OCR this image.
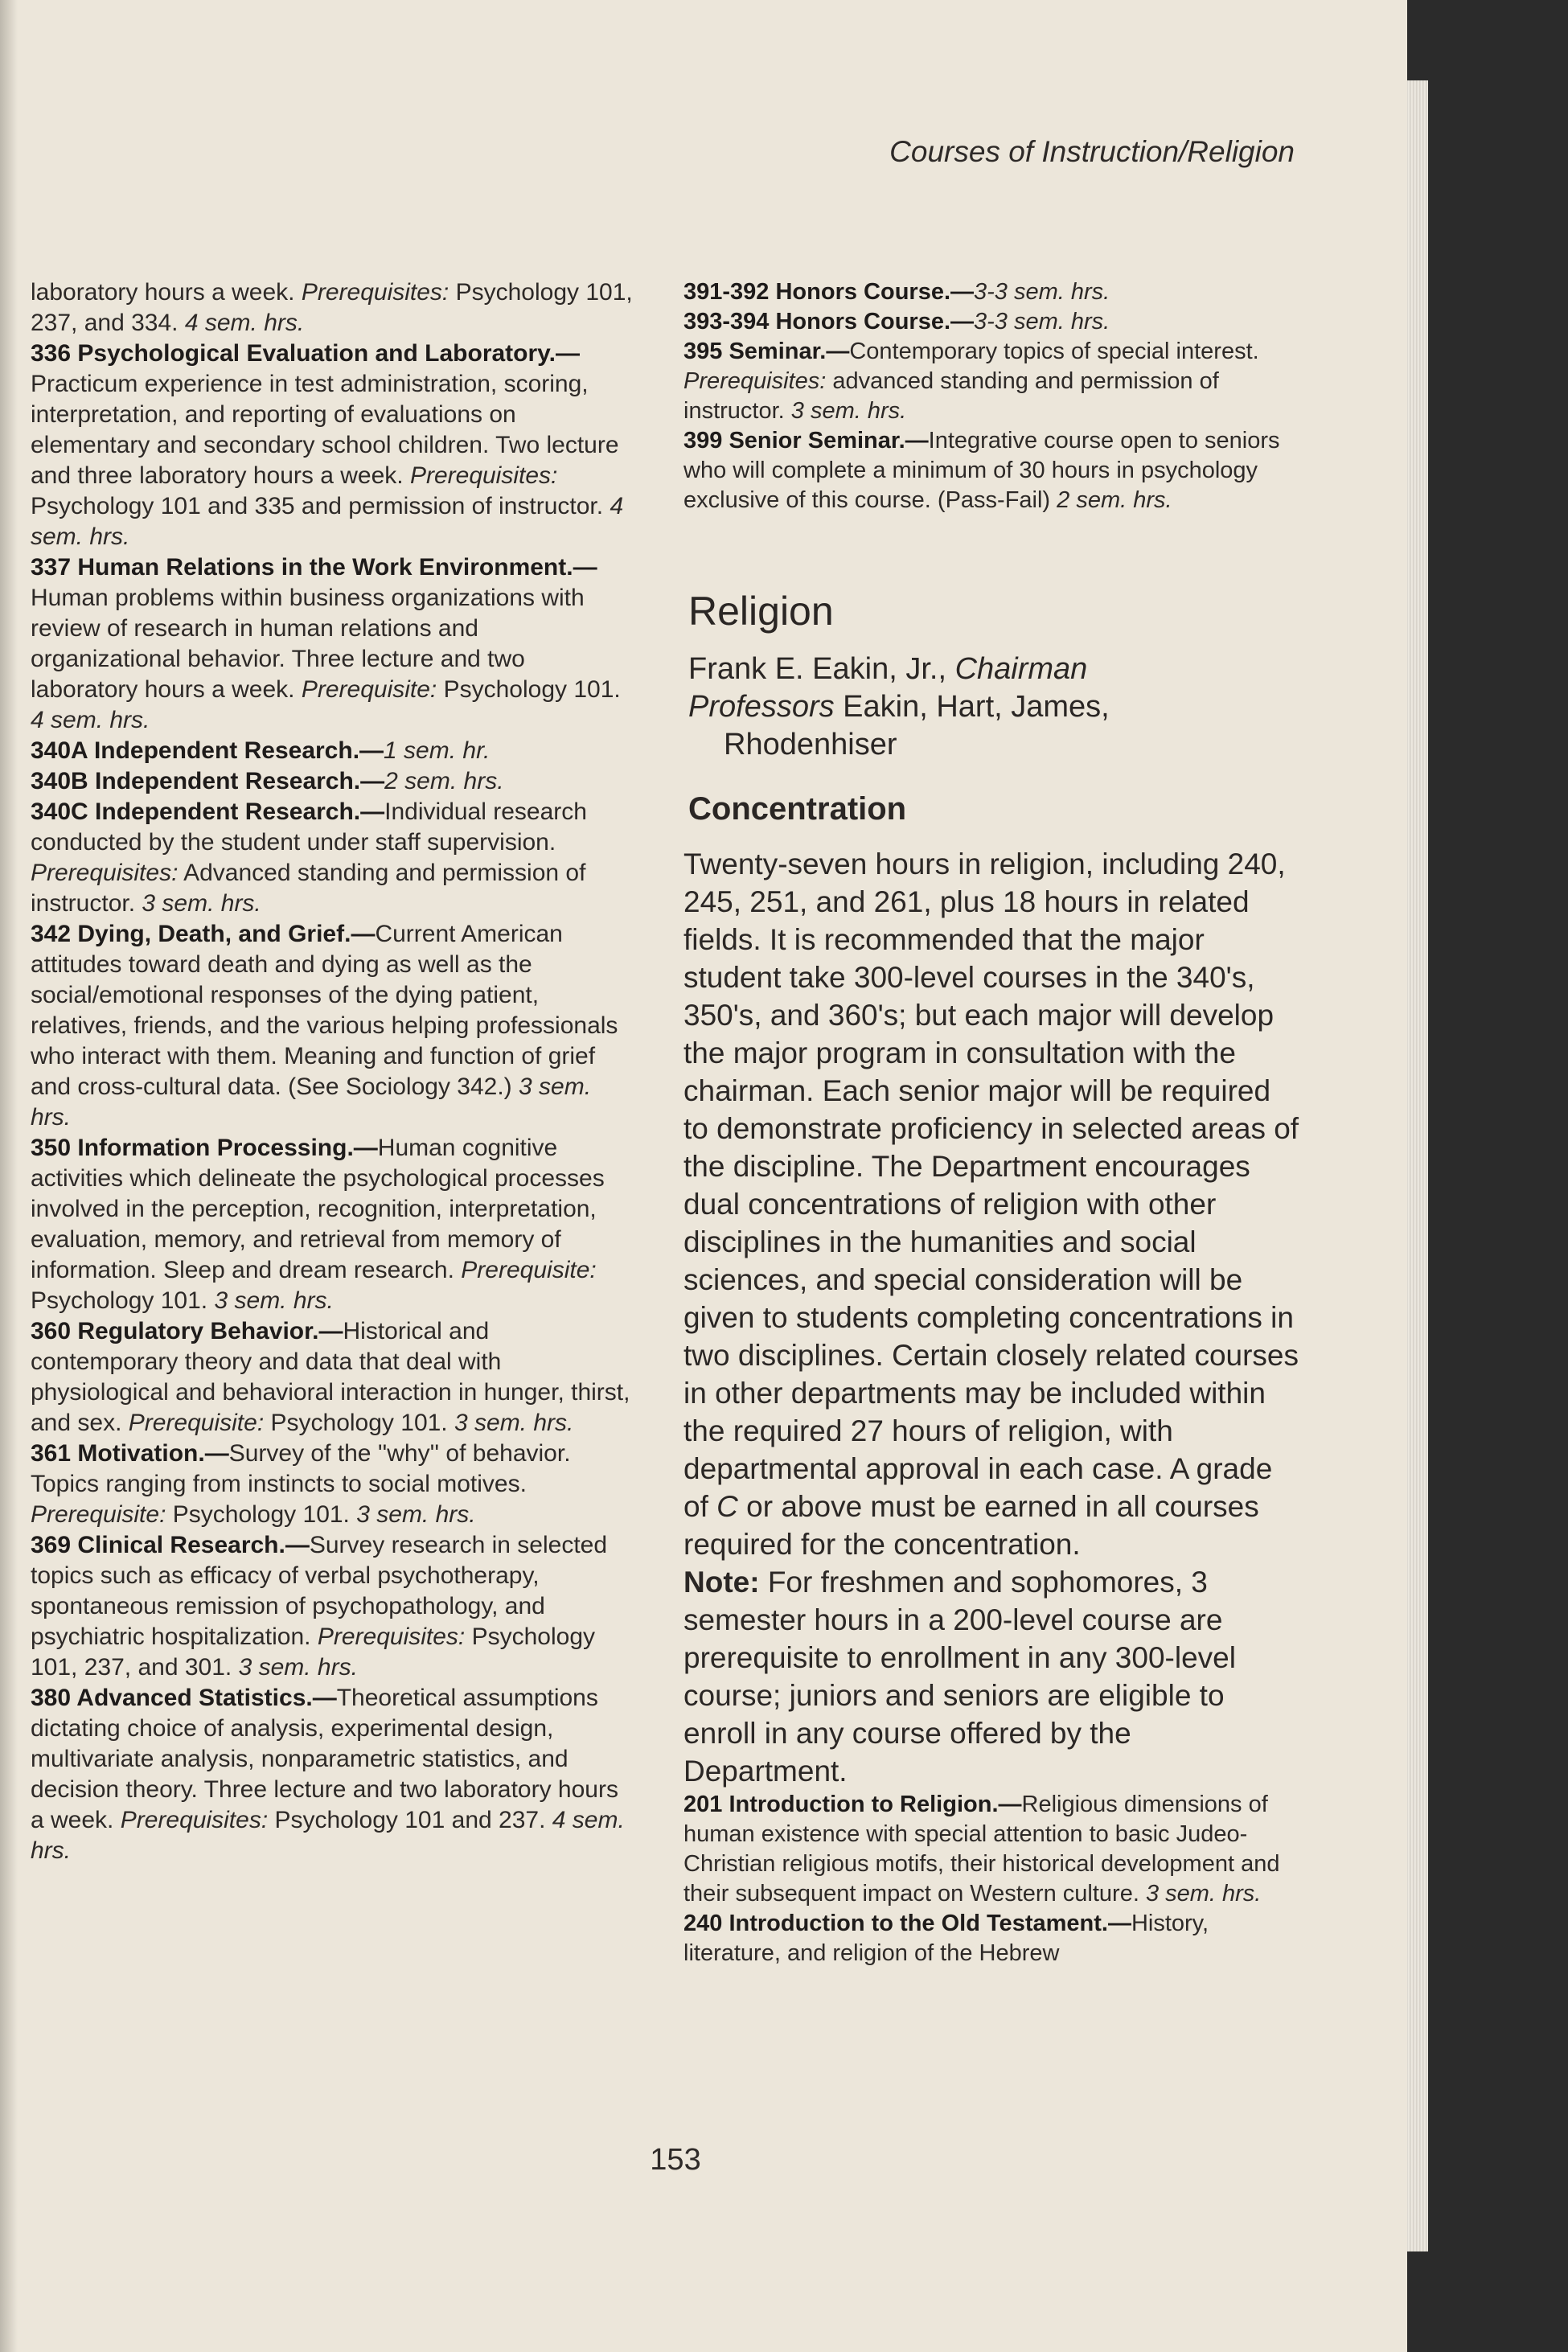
Courses of Instruction/Religion

laboratory hours a week. Prerequisites: Psychology 101, 237, and 334. 4 sem. hrs.

336 Psychological Evaluation and Laboratory.—Practicum experience in test administration, scoring, interpretation, and reporting of evaluations on elementary and secondary school children. Two lecture and three laboratory hours a week. Prerequisites: Psychology 101 and 335 and permission of instructor. 4 sem. hrs.

337 Human Relations in the Work Environment.—Human problems within business organizations with review of research in human relations and organizational behavior. Three lecture and two laboratory hours a week. Prerequisite: Psychology 101. 4 sem. hrs.

340A Independent Research.—1 sem. hr.

340B Independent Research.—2 sem. hrs.

340C Independent Research.—Individual research conducted by the student under staff supervision. Prerequisites: Advanced standing and permission of instructor. 3 sem. hrs.

342 Dying, Death, and Grief.—Current American attitudes toward death and dying as well as the social/emotional responses of the dying patient, relatives, friends, and the various helping professionals who interact with them. Meaning and function of grief and cross-cultural data. (See Sociology 342.) 3 sem. hrs.

350 Information Processing.—Human cognitive activities which delineate the psychological processes involved in the perception, recognition, interpretation, evaluation, memory, and retrieval from memory of information. Sleep and dream research. Prerequisite: Psychology 101. 3 sem. hrs.

360 Regulatory Behavior.—Historical and contemporary theory and data that deal with physiological and behavioral interaction in hunger, thirst, and sex. Prerequisite: Psychology 101. 3 sem. hrs.

361 Motivation.—Survey of the ''why'' of behavior. Topics ranging from instincts to social motives. Prerequisite: Psychology 101. 3 sem. hrs.

369 Clinical Research.—Survey research in selected topics such as efficacy of verbal psychotherapy, spontaneous remission of psychopathology, and psychiatric hospitalization. Prerequisites: Psychology 101, 237, and 301. 3 sem. hrs.

380 Advanced Statistics.—Theoretical assumptions dictating choice of analysis, experimental design, multivariate analysis, nonparametric statistics, and decision theory. Three lecture and two laboratory hours a week. Prerequisites: Psychology 101 and 237. 4 sem. hrs.

391-392 Honors Course.—3-3 sem. hrs.

393-394 Honors Course.—3-3 sem. hrs.

395 Seminar.—Contemporary topics of special interest. Prerequisites: advanced standing and permission of instructor. 3 sem. hrs.

399 Senior Seminar.—Integrative course open to seniors who will complete a minimum of 30 hours in psychology exclusive of this course. (Pass-Fail) 2 sem. hrs.

Religion
Frank E. Eakin, Jr., Chairman
Professors Eakin, Hart, James,
Rhodenhiser
Concentration

Twenty-seven hours in religion, including 240, 245, 251, and 261, plus 18 hours in related fields. It is recommended that the major student take 300-level courses in the 340's, 350's, and 360's; but each major will develop the major program in consultation with the chairman. Each senior major will be required to demonstrate proficiency in selected areas of the discipline. The Department encourages dual concentrations of religion with other disciplines in the humanities and social sciences, and special consideration will be given to students completing concentrations in two disciplines. Certain closely related courses in other departments may be included within the required 27 hours of religion, with departmental approval in each case. A grade of C or above must be earned in all courses required for the concentration.
Note: For freshmen and sophomores, 3 semester hours in a 200-level course are prerequisite to enrollment in any 300-level course; juniors and seniors are eligible to enroll in any course offered by the Department.

201 Introduction to Religion.—Religious dimensions of human existence with special attention to basic Judeo-Christian religious motifs, their historical development and their subsequent impact on Western culture. 3 sem. hrs.

240 Introduction to the Old Testament.—History, literature, and religion of the Hebrew

153
